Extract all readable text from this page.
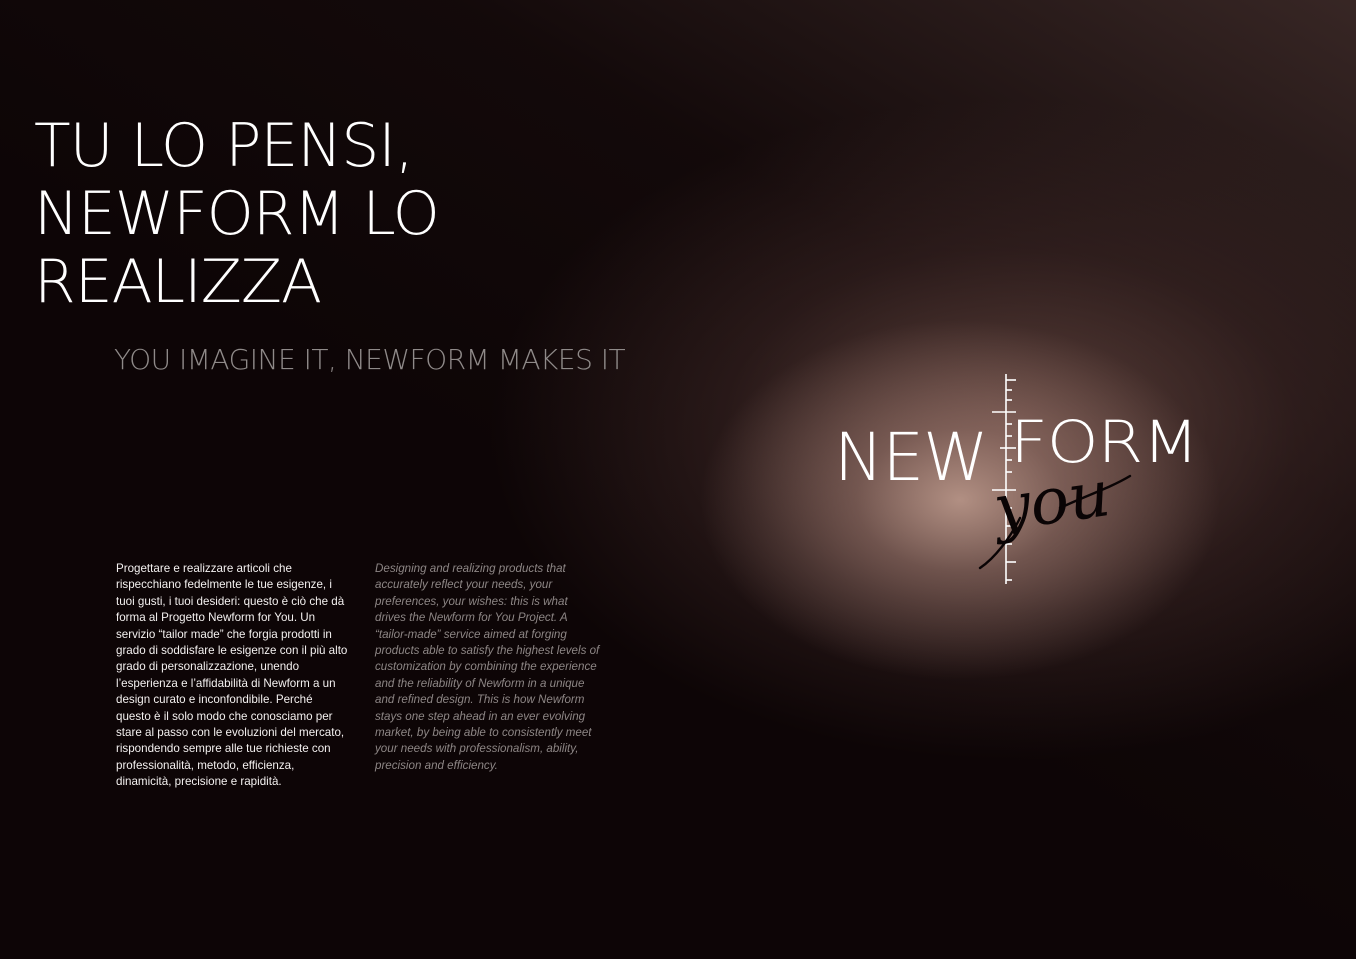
TU LO PENSI,
NEWFORM LO
REALIZZA
YOU IMAGINE IT, NEWFORM MAKES IT

Progettare e realizzare articoli che rispecchiano fedelmente le tue esigenze, i tuoi gusti, i tuoi desideri: questo è ciò che dà forma al Progetto Newform for You. Un servizio “tailor made” che forgia prodotti in grado di soddisfare le esigenze con il più alto grado di personalizzazione, unendo l’esperienza e l’affidabilità di Newform a un design curato e inconfondibile. Perché questo è il solo modo che conosciamo per stare al passo con le evoluzioni del mercato, rispondendo sempre alle tue richieste con professionalità, metodo, efficienza, dinamicità, precisione e rapidità.

Designing and realizing products that accurately reflect your needs, your preferences, your wishes: this is what drives the Newform for You Project. A “tailor-made” service aimed at forging products able to satisfy the highest levels of customization by combining the experience and the reliability of Newform in a unique and refined design. This is how Newform stays one step ahead in an ever evolving market, by being able to consistently meet your needs with professionalism, ability, precision and efficiency.

NEW FORM
you
